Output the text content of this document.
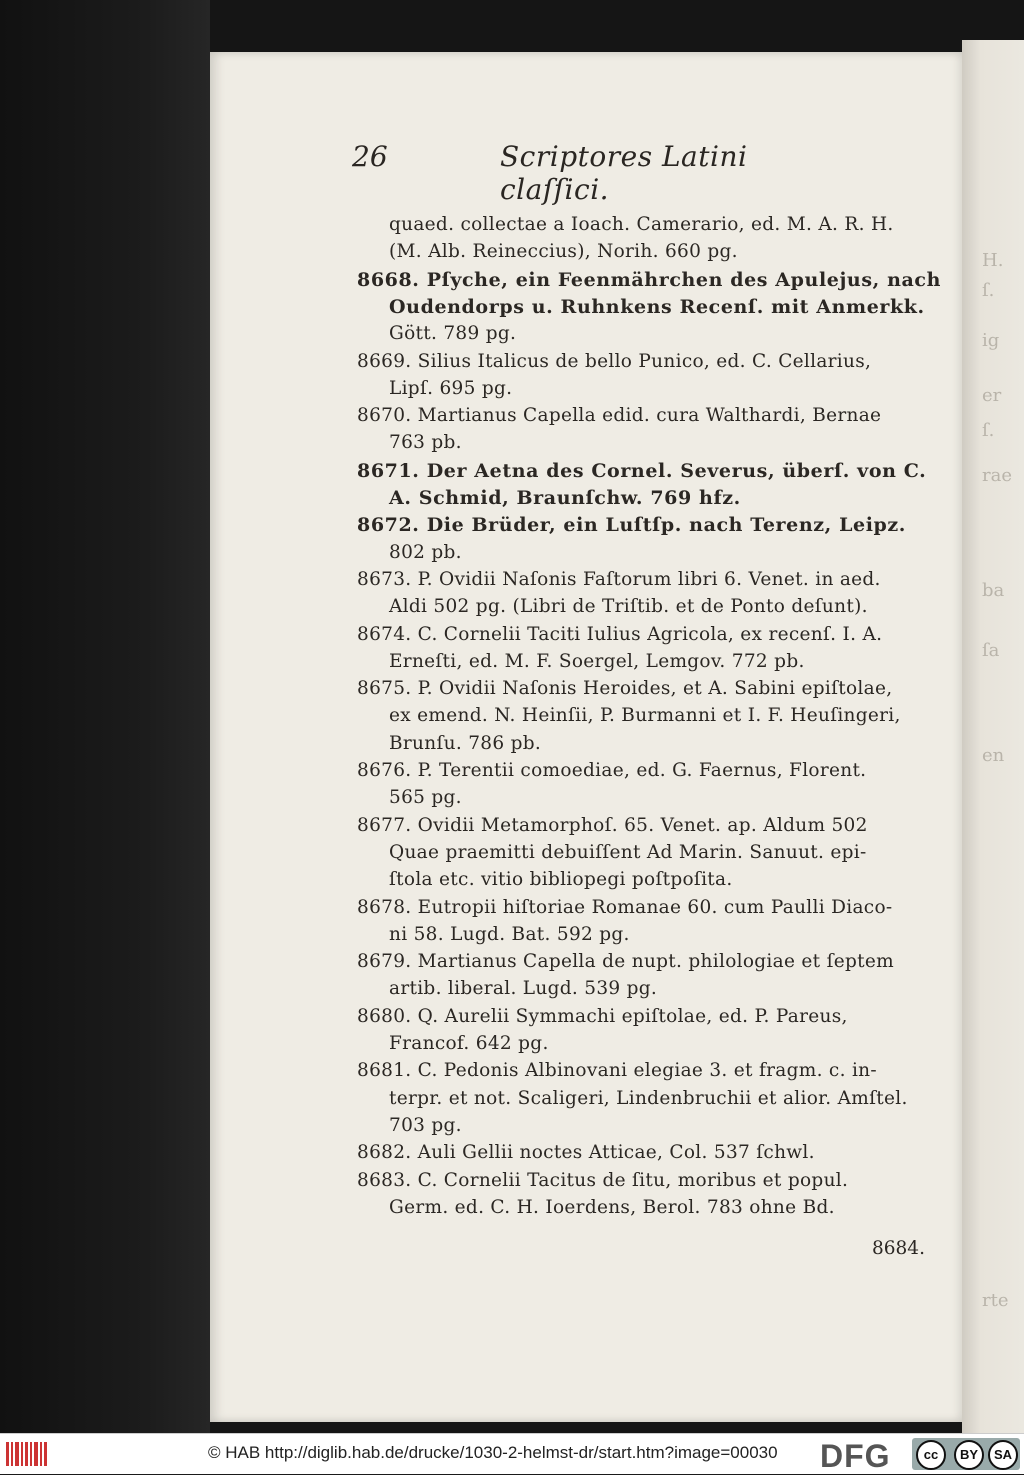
H.
ſ.
ig
er
ſ.
rae
ba
ſa
en
rte
26	Scriptores Latini claſſici.
quaed. collectae a Ioach. Camerario, ed. M. A. R. H.
(M. Alb. Reineccius), Norih. 660 pg.
8668. Pſyche, ein Feenmährchen des Apulejus, nach
Oudendorps u. Ruhnkens Recenſ. mit Anmerkk.
Gött. 789 pg.
8669. Silius Italicus de bello Punico, ed. C. Cellarius,
Lipſ. 695 pg.
8670. Martianus Capella edid. cura Walthardi, Bernae
763 pb.
8671. Der Aetna des Cornel. Severus, überſ. von C.
A. Schmid, Braunſchw. 769 hfz.
8672. Die Brüder, ein Luſtſp. nach Terenz, Leipz.
802 pb.
8673. P. Ovidii Naſonis Faſtorum libri 6. Venet. in aed.
Aldi 502 pg. (Libri de Triſtib. et de Ponto deſunt).
8674. C. Cornelii Taciti Iulius Agricola, ex recenſ. I. A.
Erneſti, ed. M. F. Soergel, Lemgov. 772 pb.
8675. P. Ovidii Naſonis Heroides, et A. Sabini epiſtolae,
ex emend. N. Heinſii, P. Burmanni et I. F. Heuſingeri,
Brunſu. 786 pb.
8676. P. Terentii comoediae, ed. G. Faernus, Florent.
565 pg.
8677. Ovidii Metamorphoſ. 65. Venet. ap. Aldum 502
Quae praemitti debuiſſent Ad Marin. Sanuut. epi-
ſtola etc. vitio bibliopegi poſtpoſita.
8678. Eutropii hiſtoriae Romanae 60. cum Paulli Diaco-
ni 58. Lugd. Bat. 592 pg.
8679. Martianus Capella de nupt. philologiae et ſeptem
artib. liberal. Lugd. 539 pg.
8680. Q. Aurelii Symmachi epiſtolae, ed. P. Pareus,
Francof. 642 pg.
8681. C. Pedonis Albinovani elegiae 3. et fragm. c. in-
terpr. et not. Scaligeri, Lindenbruchii et alior. Amſtel.
703 pg.
8682. Auli Gellii noctes Atticae, Col. 537 ſchwl.
8683. C. Cornelii Tacitus de ſitu, moribus et popul.
Germ. ed. C. H. Ioerdens, Berol. 783 ohne Bd.
8684.
© HAB http://diglib.hab.de/drucke/1030-2-helmst-dr/start.htm?image=00030 DFG	cc	BY	SA
